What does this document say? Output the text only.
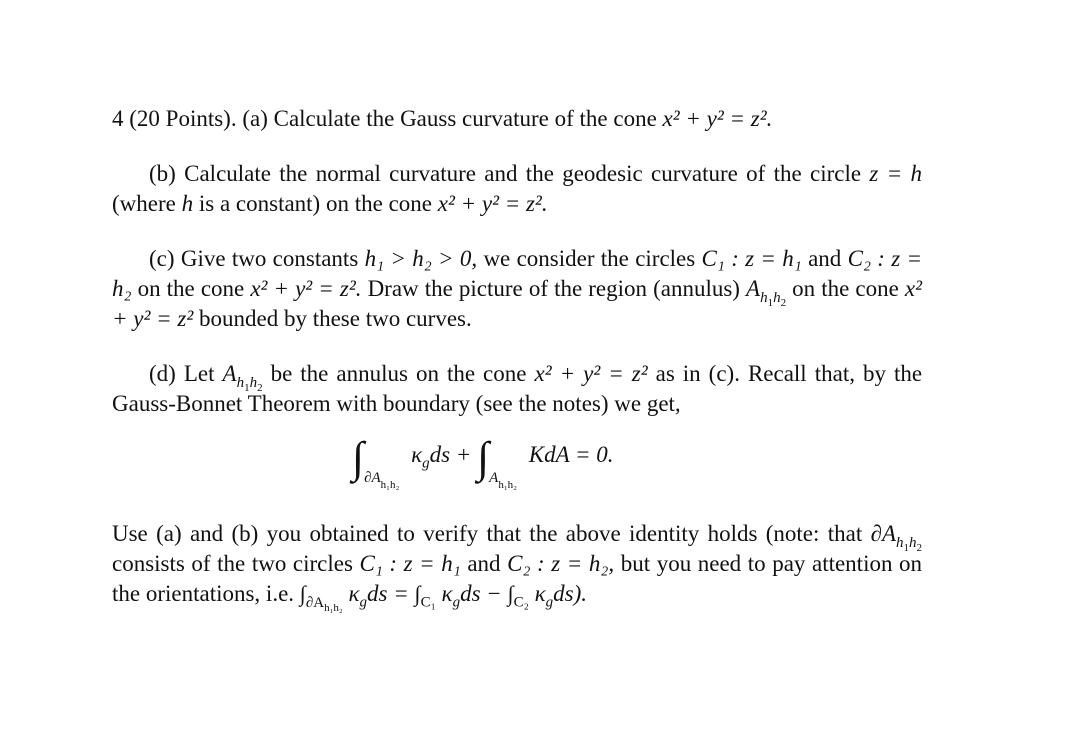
4 (20 Points). (a) Calculate the Gauss curvature of the cone x² + y² = z².

(b) Calculate the normal curvature and the geodesic curvature of the circle z = h (where h is a constant) on the cone x² + y² = z².

(c) Give two constants h₁ > h₂ > 0, we consider the circles C₁ : z = h₁ and C₂ : z = h₂ on the cone x² + y² = z². Draw the picture of the region (annulus) $A_{h_1h_2}$ on the cone x² + y² = z² bounded by these two curves.

(d) Let $A_{h_1h_2}$ be the annulus on the cone x² + y² = z² as in (c). Recall that, by the Gauss-Bonnet Theorem with boundary (see the notes) we get,

$\int_{\partial A_{h_1h_2}}$ $\kappa_gds + \int_{A_{h_1h_2}}$ KdA = 0.

Use (a) and (b) you obtained to verify that the above identity holds (note: that $\partial A_{h_1h_2}$ consists of the two circles C₁ : z = h₁ and C₂ : z = h₂, but you need to pay attention on the orientations, i.e. $\int_{\partial A_{h_1h_2}}$ $\kappa_gds = \int_{C_1}$ $\kappa_gds - \int_{C_2}$ $\kappa_gds$).
